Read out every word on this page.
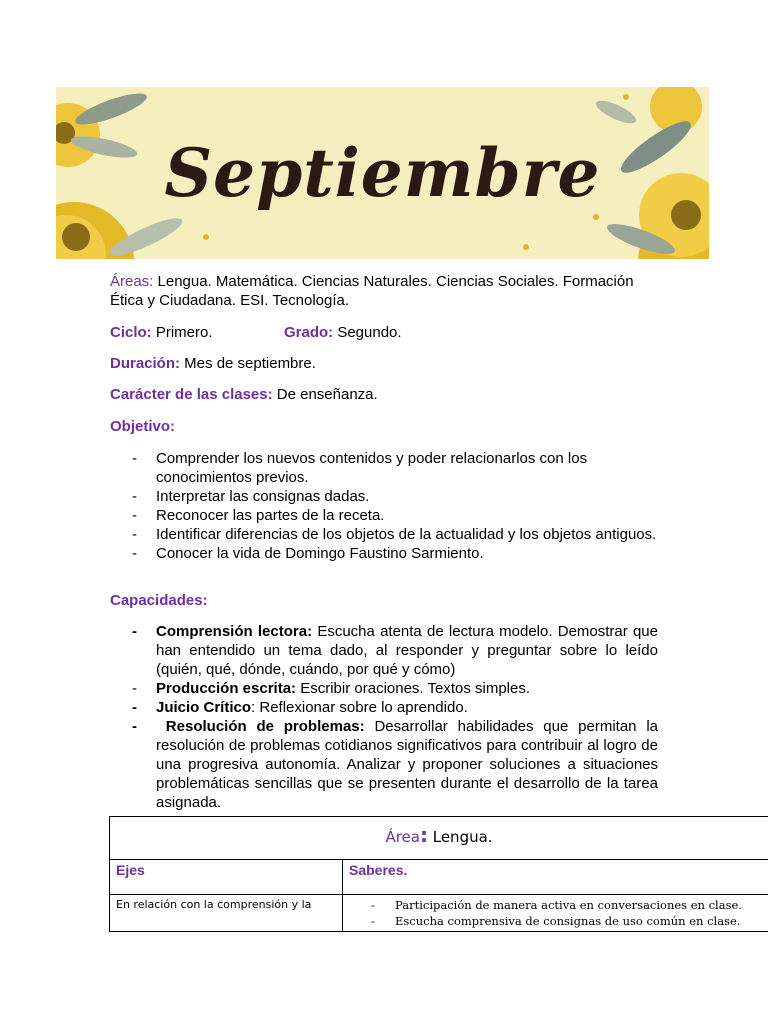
Septiembre
Áreas: Lengua. Matemática. Ciencias Naturales. Ciencias Sociales. Formación
Ética y Ciudadana. ESI. Tecnología.
Ciclo: Primero.	Grado: Segundo.
Duración: Mes de septiembre.
Carácter de las clases: De enseñanza.
Objetivo:
- Comprender los nuevos contenidos y poder relacionarlos con los conocimientos previos.
- Interpretar las consignas dadas.
- Reconocer las partes de la receta.
- Identificar diferencias de los objetos de la actualidad y los objetos antiguos.
- Conocer la vida de Domingo Faustino Sarmiento.
Capacidades:
- Comprensión lectora: Escucha atenta de lectura modelo. Demostrar que han entendido un tema dado, al responder y preguntar sobre lo leído (quién, qué, dónde, cuándo, por qué y cómo)
- Producción escrita: Escribir oraciones. Textos simples.
- Juicio Crítico: Reflexionar sobre lo aprendido.
- Resolución de problemas: Desarrollar habilidades que permitan la resolución de problemas cotidianos significativos para contribuir al logro de una progresiva autonomía. Analizar y proponer soluciones a situaciones problemáticas sencillas que se presenten durante el desarrollo de la tarea asignada.
Área: Lengua.	

Ejes	Saberes.
En relación con la comprensión y la	- Participación de manera activa en conversaciones en clase.
- Escucha comprensiva de consignas de uso común en clase.
